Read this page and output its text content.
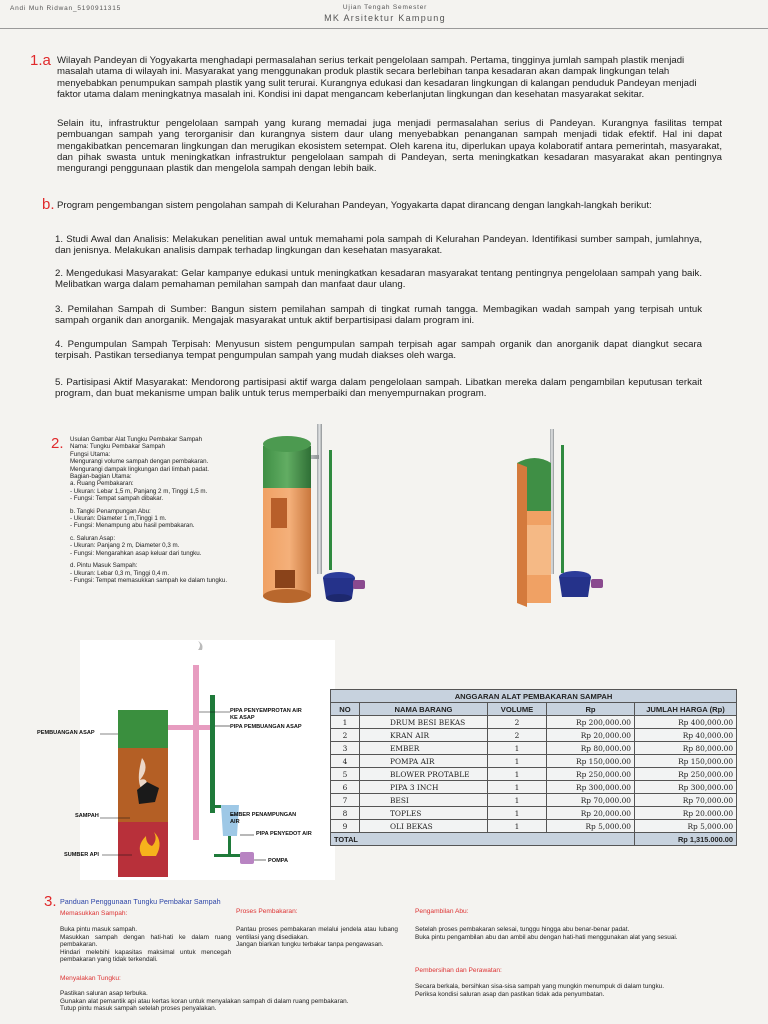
Andi Muh Ridwan_5190911315	Ujian Tengah Semester
MK Arsitektur Kampung
1.a Wilayah Pandeyan di Yogyakarta menghadapi permasalahan serius terkait pengelolaan sampah. Pertama, tingginya jumlah sampah plastik menjadi masalah utama di wilayah ini. Masyarakat yang menggunakan produk plastik secara berlebihan tanpa kesadaran akan dampak lingkungan telah menyebabkan penumpukan sampah plastik yang sulit terurai. Kurangnya edukasi dan kesadaran lingkungan di kalangan penduduk Pandeyan menjadi faktor utama dalam meningkatnya masalah ini. Kondisi ini dapat mengancam keberlanjutan lingkungan dan kesehatan masyarakat sekitar.
Selain itu, infrastruktur pengelolaan sampah yang kurang memadai juga menjadi permasalahan serius di Pandeyan. Kurangnya fasilitas tempat pembuangan sampah yang terorganisir dan kurangnya sistem daur ulang menyebabkan penanganan sampah menjadi tidak efektif. Hal ini dapat mengakibatkan pencemaran lingkungan dan merugikan ekosistem setempat. Oleh karena itu, diperlukan upaya kolaboratif antara pemerintah, masyarakat, dan pihak swasta untuk meningkatkan infrastruktur pengelolaan sampah di Pandeyan, serta meningkatkan kesadaran masyarakat akan pentingnya mengurangi penggunaan plastik dan mengelola sampah dengan lebih baik.
b. Program pengembangan sistem pengolahan sampah di Kelurahan Pandeyan, Yogyakarta dapat dirancang dengan langkah-langkah berikut:
1. Studi Awal dan Analisis: Melakukan penelitian awal untuk memahami pola sampah di Kelurahan Pandeyan. Identifikasi sumber sampah, jumlahnya, dan jenisnya. Melakukan analisis dampak terhadap lingkungan dan kesehatan masyarakat.
2. Mengedukasi Masyarakat: Gelar kampanye edukasi untuk meningkatkan kesadaran masyarakat tentang pentingnya pengelolaan sampah yang baik. Melibatkan warga dalam pemahaman pemilahan sampah dan manfaat daur ulang.
3. Pemilahan Sampah di Sumber: Bangun sistem pemilahan sampah di tingkat rumah tangga. Membagikan wadah sampah yang terpisah untuk sampah organik dan anorganik. Mengajak masyarakat untuk aktif berpartisipasi dalam program ini.
4. Pengumpulan Sampah Terpisah: Menyusun sistem pengumpulan sampah terpisah agar sampah organik dan anorganik dapat diangkut secara terpisah. Pastikan tersedianya tempat pengumpulan sampah yang mudah diakses oleh warga.
5. Partisipasi Aktif Masyarakat: Mendorong partisipasi aktif warga dalam pengelolaan sampah. Libatkan mereka dalam pengambilan keputusan terkait program, dan buat mekanisme umpan balik untuk terus memperbaiki dan menyempurnakan program.
2. Usulan Gambar Alat Tungku Pembakar Sampah
Nama: Tungku Pembakar Sampah
Fungsi Utama:
Mengurangi volume sampah dengan pembakaran.
Mengurangi dampak lingkungan dari limbah padat.
Bagian-bagian Utama:
a. Ruang Pembakaran:
- Ukuran: Lebar 1,5 m, Panjang 2 m, Tinggi 1,5 m.
- Fungsi: Tempat sampah dibakar.
b. Tangki Penampungan Abu:
- Ukuran: Diameter 1 m,Tinggi 1 m.
- Fungsi: Menampung abu hasil pembakaran.
c. Saluran Asap:
- Ukuran: Panjang 2 m, Diameter 0,3 m.
- Fungsi: Mengarahkan asap keluar dari tungku.
d. Pintu Masuk Sampah:
- Ukuran: Lebar 0,3 m, Tinggi 0,4 m.
- Fungsi: Tempat memasukkan sampah ke dalam tungku.
PEMBUANGAN ASAP
PIPA PENYEMPROTAN AIR KE ASAP
PIPA PEMBUANGAN ASAP
SAMPAH
SUMBER API
EMBER PENAMPUNGAN AIR
PIPA PENYEDOT AIR
POMPA
ANGGARAN ALAT PEMBAKARAN SAMPAH				
NO	NAMA BARANG	VOLUME	Rp	JUMLAH HARGA (Rp)
1	DRUM BESI BEKAS	2	Rp 200,000.00	Rp 400,000.00
2	KRAN AIR	2	Rp 20,000.00	Rp 40,000.00
3	EMBER	1	Rp 80,000.00	Rp 80,000.00
4	POMPA AIR	1	Rp 150,000.00	Rp 150,000.00
5	BLOWER PROTABLE	1	Rp 250,000.00	Rp 250,000.00
6	PIPA 3 INCH	1	Rp 300,000.00	Rp 300,000.00
7	BESI	1	Rp 70,000.00	Rp 70,000.00
8	TOPLES	1	Rp 20,000.00	Rp 20.000.00
9	OLI BEKAS	1	Rp 5,000.00	Rp 5,000.00
TOTAL				Rp 1,315.000.00
3. Panduan Penggunaan Tungku Pembakar Sampah
Memasukkan Sampah:
Buka pintu masuk sampah.
Masukkan sampah dengan hati-hati ke dalam ruang pembakaran.
Hindari melebihi kapasitas maksimal untuk mencegah pembakaran yang tidak terkendali.
Menyalakan Tungku:
Pastikan saluran asap terbuka.
Gunakan alat pemantik api atau kertas koran untuk menyalakan sampah di dalam ruang pembakaran.
Tutup pintu masuk sampah setelah proses penyalakan.
Proses Pembakaran:
Pantau proses pembakaran melalui jendela atau lubang ventilasi yang disediakan.
Jangan biarkan tungku terbakar tanpa pengawasan.
Pengambilan Abu:
Setelah proses pembakaran selesai, tunggu hingga abu benar-benar padat.
Buka pintu pengambilan abu dan ambil abu dengan hati-hati menggunakan alat yang sesuai.
Pembersihan dan Perawatan:
Secara berkala, bersihkan sisa-sisa sampah yang mungkin menumpuk di dalam tungku.
Periksa kondisi saluran asap dan pastikan tidak ada penyumbatan.
